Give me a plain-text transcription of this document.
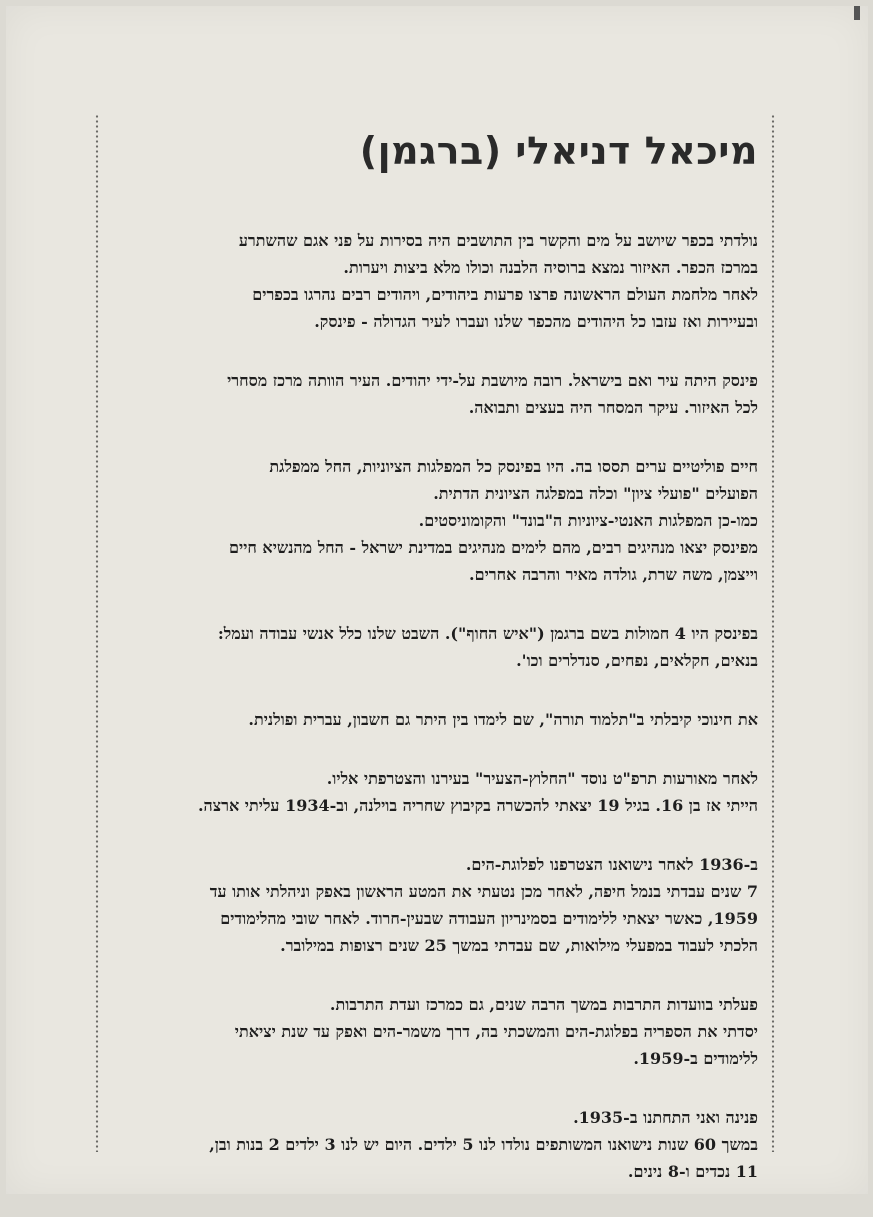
מיכאל דניאלי (ברגמן)
נולדתי בכפר שיושב על מים והקשר בין התושבים היה בסירות על פני אגם שהשתרע
במרכז הכפר. האיזור נמצא ברוסיה הלבנה וכולו מלא ביצות ויערות.
לאחר מלחמת העולם הראשונה פרצו פרעות ביהודים, ויהודים רבים נהרגו בכפרים
ובעיירות ואז עזבו כל היהודים מהכפר שלנו ועברו לעיר הגדולה - פינסק.
פינסק היתה עיר ואם בישראל. רובה מיושבת על-ידי יהודים. העיר הוותה מרכז מסחרי
לכל האיזור. עיקר המסחר היה בעצים ותבואה.
חיים פוליטיים ערים תססו בה. היו בפינסק כל המפלגות הציוניות, החל ממפלגת
הפועלים "פועלי ציון" וכלה במפלגה הציונית הדתית.
כמו-כן המפלגות האנטי-ציוניות ה"בונד" והקומוניסטים.
מפינסק יצאו מנהיגים רבים, מהם לימים מנהיגים במדינת ישראל - החל מהנשיא חיים
וייצמן, משה שרת, גולדה מאיר והרבה אחרים.
בפינסק היו 4 חמולות בשם ברגמן ("איש החוף"). השבט שלנו כלל אנשי עבודה ועמל:
בנאים, חקלאים, נפחים, סנדלרים וכו'.
את חינוכי קיבלתי ב"תלמוד תורה", שם לימדו בין היתר גם חשבון, עברית ופולנית.
לאחר מאורעות תרפ"ט נוסד "החלוץ-הצעיר" בעירנו והצטרפתי אליו.
הייתי אז בן 16. בגיל 19 יצאתי להכשרה בקיבוץ שחריה בוילנה, וב-1934 עליתי ארצה.
ב-1936 לאחר נישואנו הצטרפנו לפלוגת-הים.
7 שנים עבדתי בנמל חיפה, לאחר מכן נטעתי את המטע הראשון באפק וניהלתי אותו עד
1959, כאשר יצאתי ללימודים בסמינריון העבודה שבעין-חרוד. לאחר שובי מהלימודים
הלכתי לעבוד במפעלי מילואות, שם עבדתי במשך 25 שנים רצופות במילובר.
פעלתי בוועדות התרבות במשך הרבה שנים, גם כמרכז ועדת התרבות.
יסדתי את הספריה בפלוגת-הים והמשכתי בה, דרך משמר-הים ואפק עד שנת יציאתי
ללימודים ב-1959.
פנינה ואני התחתנו ב-1935.
במשך 60 שנות נישואנו המשותפים נולדו לנו 5 ילדים. היום יש לנו 3 ילדים 2 בנות ובן,
11 נכדים ו-8 נינים.
